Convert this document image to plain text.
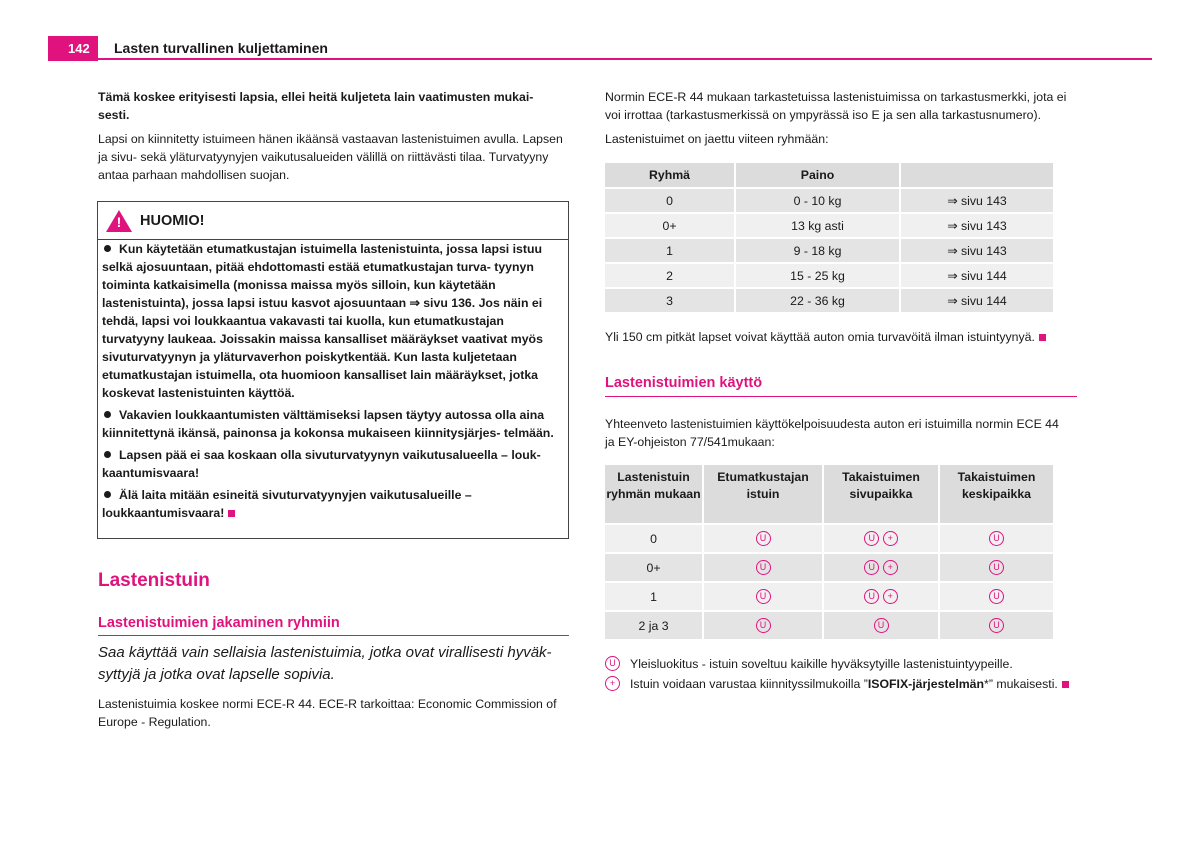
142	Lasten turvallinen kuljettaminen

Tämä koskee erityisesti lapsia, ellei heitä kuljeteta lain vaatimusten mukai- sesti.

Lapsi on kiinnitetty istuimeen hänen ikäänsä vastaavan lastenistuimen avulla. Lapsen ja sivu- sekä yläturvatyynyjen vaikutusalueiden välillä on riittävästi tilaa. Turvatyyny antaa parhaan mahdollisen suojan.

! HUOMIO!
Kun käytetään etumatkustajan istuimella lastenistuinta, jossa lapsi istuu selkä ajosuuntaan, pitää ehdottomasti estää etumatkustajan turva- tyynyn toiminta katkaisimella (monissa maissa myös silloin, kun käytetään lastenistuinta), jossa lapsi istuu kasvot ajosuuntaan ⇒ sivu 136. Jos näin ei tehdä, lapsi voi loukkaantua vakavasti tai kuolla, kun etumatkustajan turvatyyny laukeaa. Joissakin maissa kansalliset määräykset vaativat myös sivuturvatyynyn ja yläturvaverhon poiskytkentää. Kun lasta kuljetetaan etumatkustajan istuimella, ota huomioon kansalliset lain määräykset, jotka koskevat lastenistuinten käyttöä.
Vakavien loukkaantumisten välttämiseksi lapsen täytyy autossa olla aina kiinnitettynä ikänsä, painonsa ja kokonsa mukaiseen kiinnitysjärjes- telmään.
Lapsen pää ei saa koskaan olla sivuturvatyynyn vaikutusalueella – louk- kaantumisvaara!
Älä laita mitään esineitä sivuturvatyynyjen vaikutusalueille – loukkaantumisvaara!
Lastenistuin
Lastenistuimien jakaminen ryhmiin
Saa käyttää vain sellaisia lastenistuimia, jotka ovat virallisesti hyväk- syttyjä ja jotka ovat lapselle sopivia.
Lastenistuimia koskee normi ECE-R 44. ECE-R tarkoittaa: Economic Commission of Europe - Regulation.

Normin ECE-R 44 mukaan tarkastetuissa lastenistuimissa on tarkastusmerkki, jota ei voi irrottaa (tarkastusmerkissä on ympyrässä iso E ja sen alla tarkastusnumero).

Lastenistuimet on jaettu viiteen ryhmään:

Ryhmä	Paino	
0	0 - 10 kg	⇒ sivu 143
0+	13 kg asti	⇒ sivu 143
1	9 - 18 kg	⇒ sivu 143
2	15 - 25 kg	⇒ sivu 144
3	22 - 36 kg	⇒ sivu 144
Yli 150 cm pitkät lapset voivat käyttää auton omia turvavöitä ilman istuintyynyä.
Lastenistuimien käyttö
Yhteenveto lastenistuimien käyttökelpoisuudesta auton eri istuimilla normin ECE 44 ja EY-ohjeiston 77/541mukaan:
Lastenistuin ryhmän mukaan	Etumatkustajan istuin	Takaistuimen sivupaikka	Takaistuimen keskipaikka
0	U	U +	U
0+	U	U +	U
1	U	U +	U
2 ja 3	U	U	U
U	Yleisluokitus - istuin soveltuu kaikille hyväksytyille lastenistuintyypeille.
+	Istuin voidaan varustaa kiinnityssilmukoilla ”ISOFIX-järjestelmän*” mukaisesti.
